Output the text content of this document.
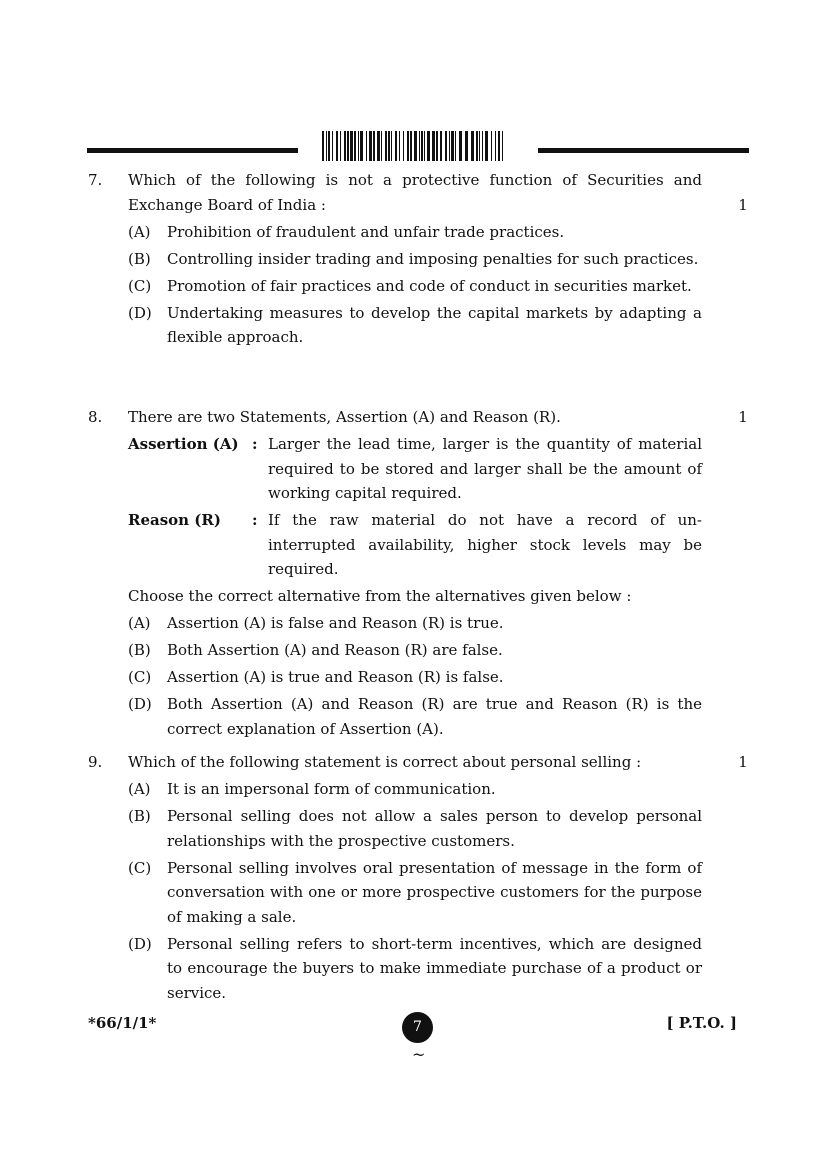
7.	Which of the following is not a protective function of Securities and Exchange Board of India :	1
(A)	Prohibition of fraudulent and unfair trade practices.
(B)	Controlling insider trading and imposing penalties for such practices.
(C)	Promotion of fair practices and code of conduct in securities market.
(D)	Undertaking measures to develop the capital markets by adapting a flexible approach.
8.	There are two Statements, Assertion (A) and Reason (R).	1
Assertion (A) : Larger the lead time, larger is the quantity of material required to be stored and larger shall be the amount of working capital required.
Reason (R)	: If the raw material do not have a record of un-interrupted availability, higher stock levels may be required.
Choose the correct alternative from the alternatives given below :
(A)	Assertion (A) is false and Reason (R) is true.
(B)	Both Assertion (A) and Reason (R) are false.
(C)	Assertion (A) is true and Reason (R) is false.
(D)	Both Assertion (A) and Reason (R) are true and Reason (R) is the correct explanation of Assertion (A).
9.	Which of the following statement is correct about personal selling :	1
(A)	It is an impersonal form of communication.
(B)	Personal selling does not allow a sales person to develop personal relationships with the prospective customers.
(C)	Personal selling involves oral presentation of message in the form of conversation with one or more prospective customers for the purpose of making a sale.
(D)	Personal selling refers to short-term incentives, which are designed to encourage the buyers to make immediate purchase of a product or service.
*66/1/1*	7	[ P.T.O. ]
~
